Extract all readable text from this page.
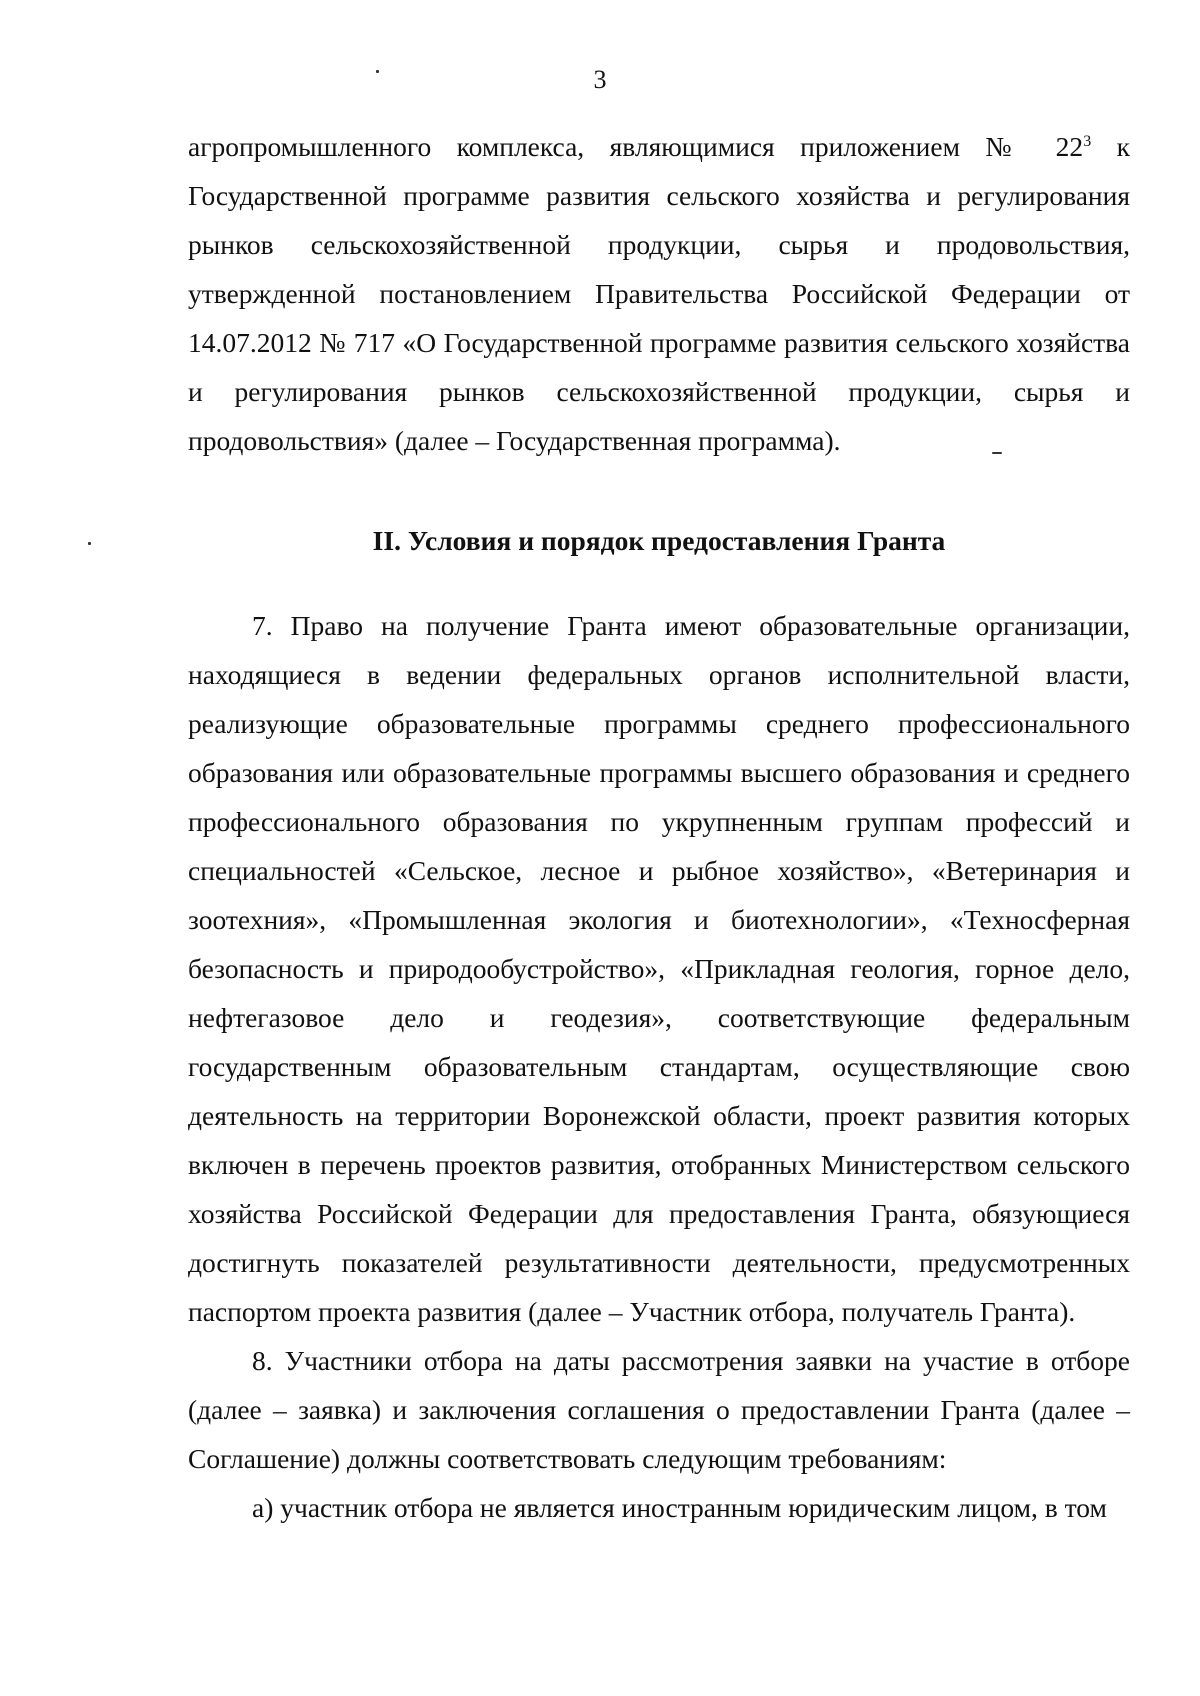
3

агропромышленного комплекса, являющимися приложением № $22^3$ к Государственной программе развития сельского хозяйства и регулирования рынков сельскохозяйственной продукции, сырья и продовольствия, утвержденной постановлением Правительства Российской Федерации от 14.07.2012 № 717 «О Государственной программе развития сельского хозяйства и регулирования рынков сельскохозяйственной продукции, сырья и продовольствия» (далее – Государственная программа).

II. Условия и порядок предоставления Гранта

7. Право на получение Гранта имеют образовательные организации, находящиеся в ведении федеральных органов исполнительной власти, реализующие образовательные программы среднего профессионального образования или образовательные программы высшего образования и среднего профессионального образования по укрупненным группам профессий и специальностей «Сельское, лесное и рыбное хозяйство», «Ветеринария и зоотехния», «Промышленная экология и биотехнологии», «Техносферная безопасность и природообустройство», «Прикладная геология, горное дело, нефтегазовое дело и геодезия», соответствующие федеральным государственным образовательным стандартам, осуществляющие свою деятельность на территории Воронежской области, проект развития которых включен в перечень проектов развития, отобранных Министерством сельского хозяйства Российской Федерации для предоставления Гранта, обязующиеся достигнуть показателей результативности деятельности, предусмотренных паспортом проекта развития (далее – Участник отбора, получатель Гранта).

8. Участники отбора на даты рассмотрения заявки на участие в отборе (далее – заявка) и заключения соглашения о предоставлении Гранта (далее – Соглашение) должны соответствовать следующим требованиям:

а) участник отбора не является иностранным юридическим лицом, в том
